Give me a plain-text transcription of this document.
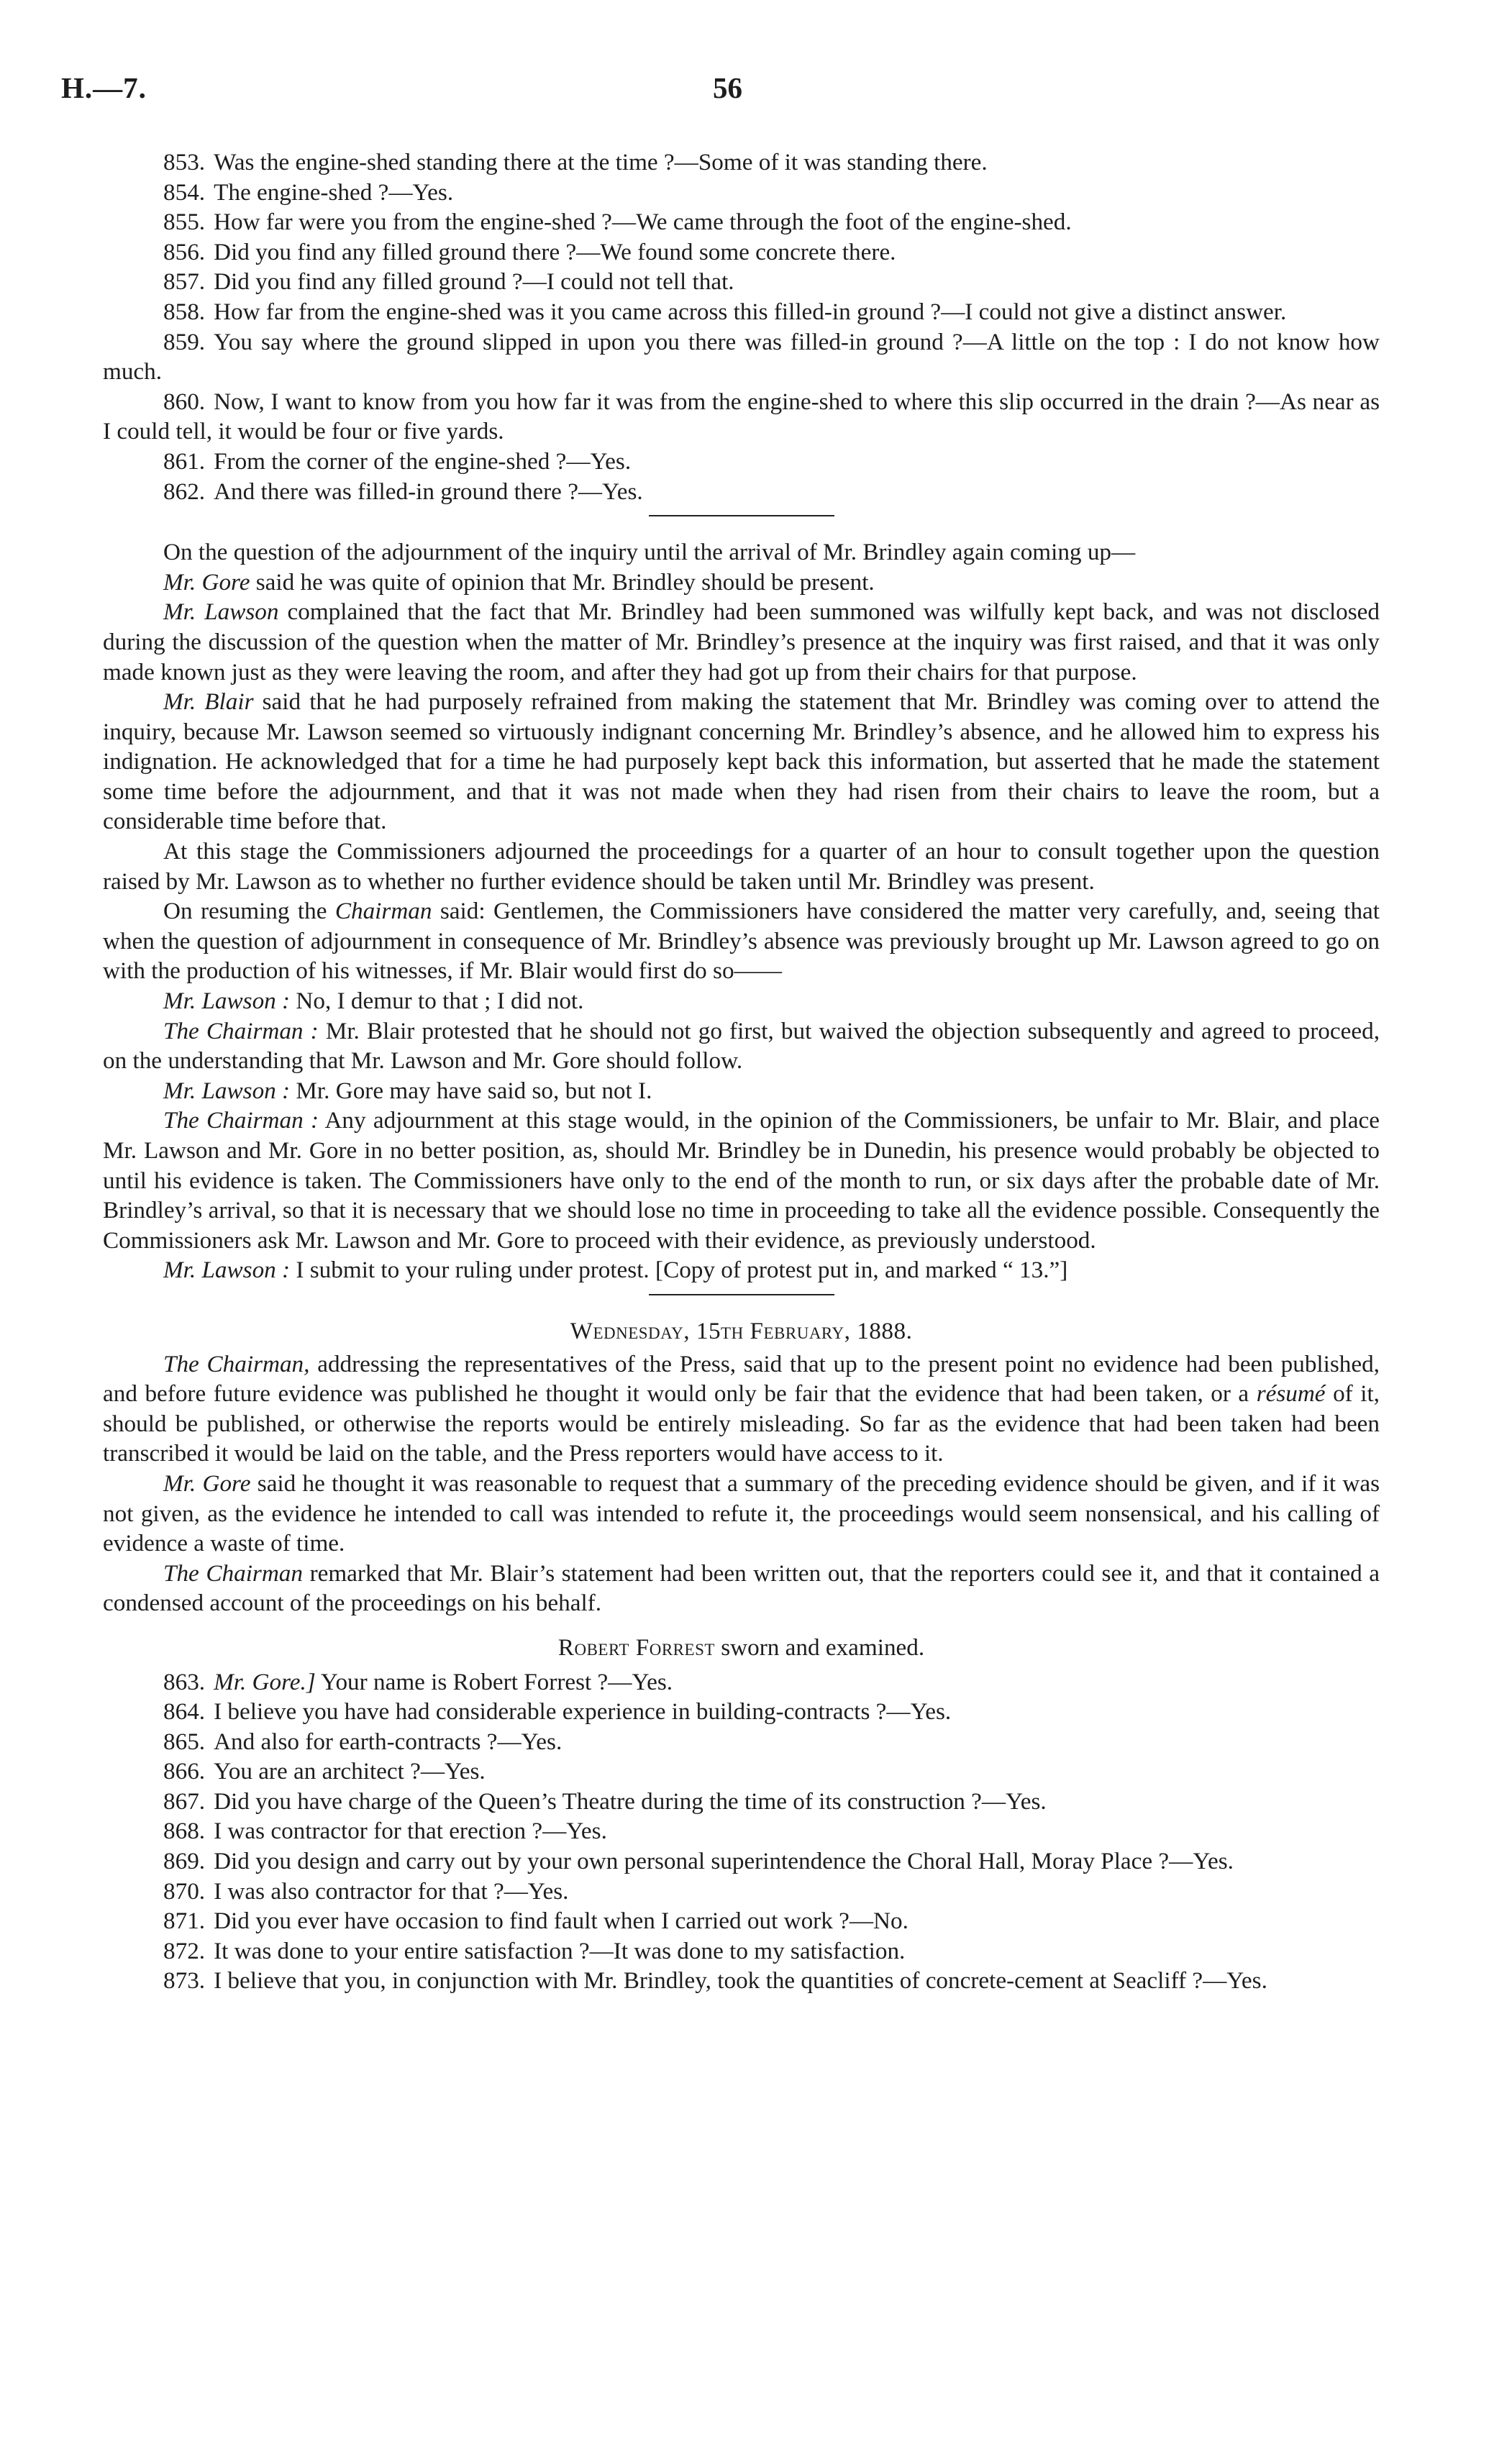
H.—7.	56

853. Was the engine-shed standing there at the time ?—Some of it was standing there.

854. The engine-shed ?—Yes.

855. How far were you from the engine-shed ?—We came through the foot of the engine-shed.

856. Did you find any filled ground there ?—We found some concrete there.

857. Did you find any filled ground ?—I could not tell that.

858. How far from the engine-shed was it you came across this filled-in ground ?—I could not give a distinct answer.

859. You say where the ground slipped in upon you there was filled-in ground ?—A little on the top : I do not know how much.

860. Now, I want to know from you how far it was from the engine-shed to where this slip occurred in the drain ?—As near as I could tell, it would be four or five yards.

861. From the corner of the engine-shed ?—Yes.

862. And there was filled-in ground there ?—Yes.

On the question of the adjournment of the inquiry until the arrival of Mr. Brindley again coming up—

Mr. Gore said he was quite of opinion that Mr. Brindley should be present.

Mr. Lawson complained that the fact that Mr. Brindley had been summoned was wilfully kept back, and was not disclosed during the discussion of the question when the matter of Mr. Brindley’s presence at the inquiry was first raised, and that it was only made known just as they were leaving the room, and after they had got up from their chairs for that purpose.

Mr. Blair said that he had purposely refrained from making the statement that Mr. Brindley was coming over to attend the inquiry, because Mr. Lawson seemed so virtuously indignant concerning Mr. Brindley’s absence, and he allowed him to express his indignation. He acknowledged that for a time he had purposely kept back this information, but asserted that he made the statement some time before the adjournment, and that it was not made when they had risen from their chairs to leave the room, but a considerable time before that.

At this stage the Commissioners adjourned the proceedings for a quarter of an hour to consult together upon the question raised by Mr. Lawson as to whether no further evidence should be taken until Mr. Brindley was present.

On resuming the Chairman said: Gentlemen, the Commissioners have considered the matter very carefully, and, seeing that when the question of adjournment in consequence of Mr. Brindley’s absence was previously brought up Mr. Lawson agreed to go on with the production of his witnesses, if Mr. Blair would first do so——

Mr. Lawson : No, I demur to that ; I did not.

The Chairman : Mr. Blair protested that he should not go first, but waived the objection subsequently and agreed to proceed, on the understanding that Mr. Lawson and Mr. Gore should follow.

Mr. Lawson : Mr. Gore may have said so, but not I.

The Chairman : Any adjournment at this stage would, in the opinion of the Commissioners, be unfair to Mr. Blair, and place Mr. Lawson and Mr. Gore in no better position, as, should Mr. Brindley be in Dunedin, his presence would probably be objected to until his evidence is taken. The Commissioners have only to the end of the month to run, or six days after the probable date of Mr. Brindley’s arrival, so that it is necessary that we should lose no time in proceeding to take all the evidence possible. Consequently the Commissioners ask Mr. Lawson and Mr. Gore to proceed with their evidence, as previously understood.

Mr. Lawson : I submit to your ruling under protest. [Copy of protest put in, and marked “ 13.”]

Wednesday, 15th February, 1888.

The Chairman, addressing the representatives of the Press, said that up to the present point no evidence had been published, and before future evidence was published he thought it would only be fair that the evidence that had been taken, or a résumé of it, should be published, or otherwise the reports would be entirely misleading. So far as the evidence that had been taken had been transcribed it would be laid on the table, and the Press reporters would have access to it.

Mr. Gore said he thought it was reasonable to request that a summary of the preceding evidence should be given, and if it was not given, as the evidence he intended to call was intended to refute it, the proceedings would seem nonsensical, and his calling of evidence a waste of time.

The Chairman remarked that Mr. Blair’s statement had been written out, that the reporters could see it, and that it contained a condensed account of the proceedings on his behalf.

Robert Forrest sworn and examined.

863. Mr. Gore.] Your name is Robert Forrest ?—Yes.

864. I believe you have had considerable experience in building-contracts ?—Yes.

865. And also for earth-contracts ?—Yes.

866. You are an architect ?—Yes.

867. Did you have charge of the Queen’s Theatre during the time of its construction ?—Yes.

868. I was contractor for that erection ?—Yes.

869. Did you design and carry out by your own personal superintendence the Choral Hall, Moray Place ?—Yes.

870. I was also contractor for that ?—Yes.

871. Did you ever have occasion to find fault when I carried out work ?—No.

872. It was done to your entire satisfaction ?—It was done to my satisfaction.

873. I believe that you, in conjunction with Mr. Brindley, took the quantities of concrete-cement at Seacliff ?—Yes.
